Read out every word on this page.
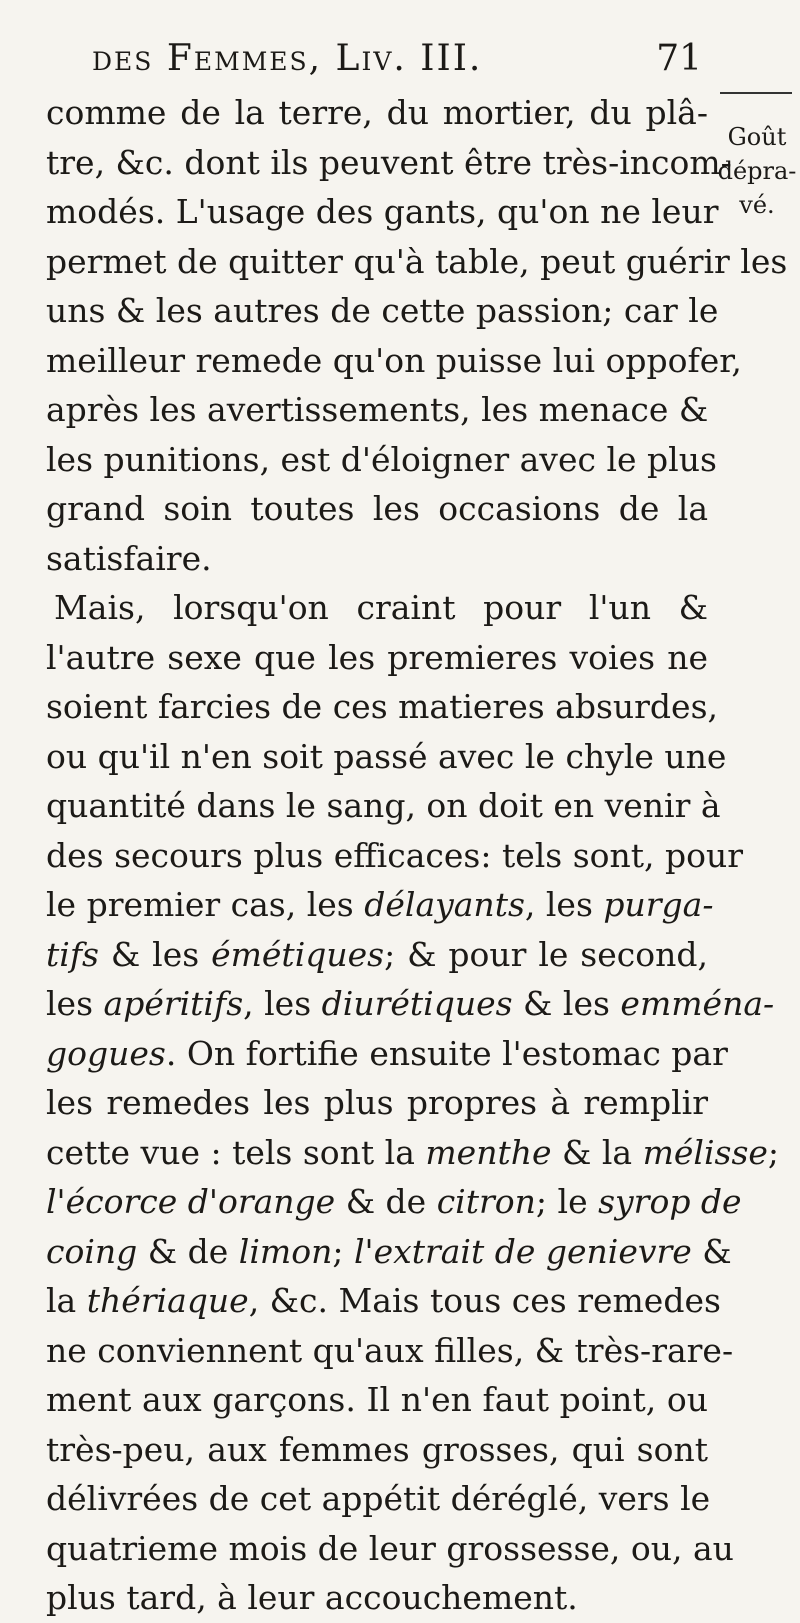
des Femmes, Liv. III.	71
Goût
dépra-
vé.
comme de la terre, du mortier, du plâ-
tre, &c. dont ils peuvent être très-incom-
modés. L'usage des gants, qu'on ne leur
permet de quitter qu'à table, peut guérir les
uns & les autres de cette passion; car le
meilleur remede qu'on puisse lui oppofer,
après les avertissements, les menace &
les punitions, est d'éloigner avec le plus
grand soin toutes les occasions de la
satisfaire.
Mais, lorsqu'on craint pour l'un &
l'autre sexe que les premieres voies ne
soient farcies de ces matieres absurdes,
ou qu'il n'en soit passé avec le chyle une
quantité dans le sang, on doit en venir à
des secours plus efficaces: tels sont, pour
le premier cas, les délayants, les purga-
tifs & les émétiques; & pour le second,
les apéritifs, les diurétiques & les emména-
gogues. On fortifie ensuite l'estomac par
les remedes les plus propres à remplir
cette vue : tels sont la menthe & la mélisse;
l'écorce d'orange & de citron; le syrop de
coing & de limon; l'extrait de genievre &
la thériaque, &c. Mais tous ces remedes
ne conviennent qu'aux filles, & très-rare-
ment aux garçons. Il n'en faut point, ou
très-peu, aux femmes grosses, qui sont
délivrées de cet appétit déréglé, vers le
quatrieme mois de leur grossesse, ou, au
plus tard, à leur accouchement.
